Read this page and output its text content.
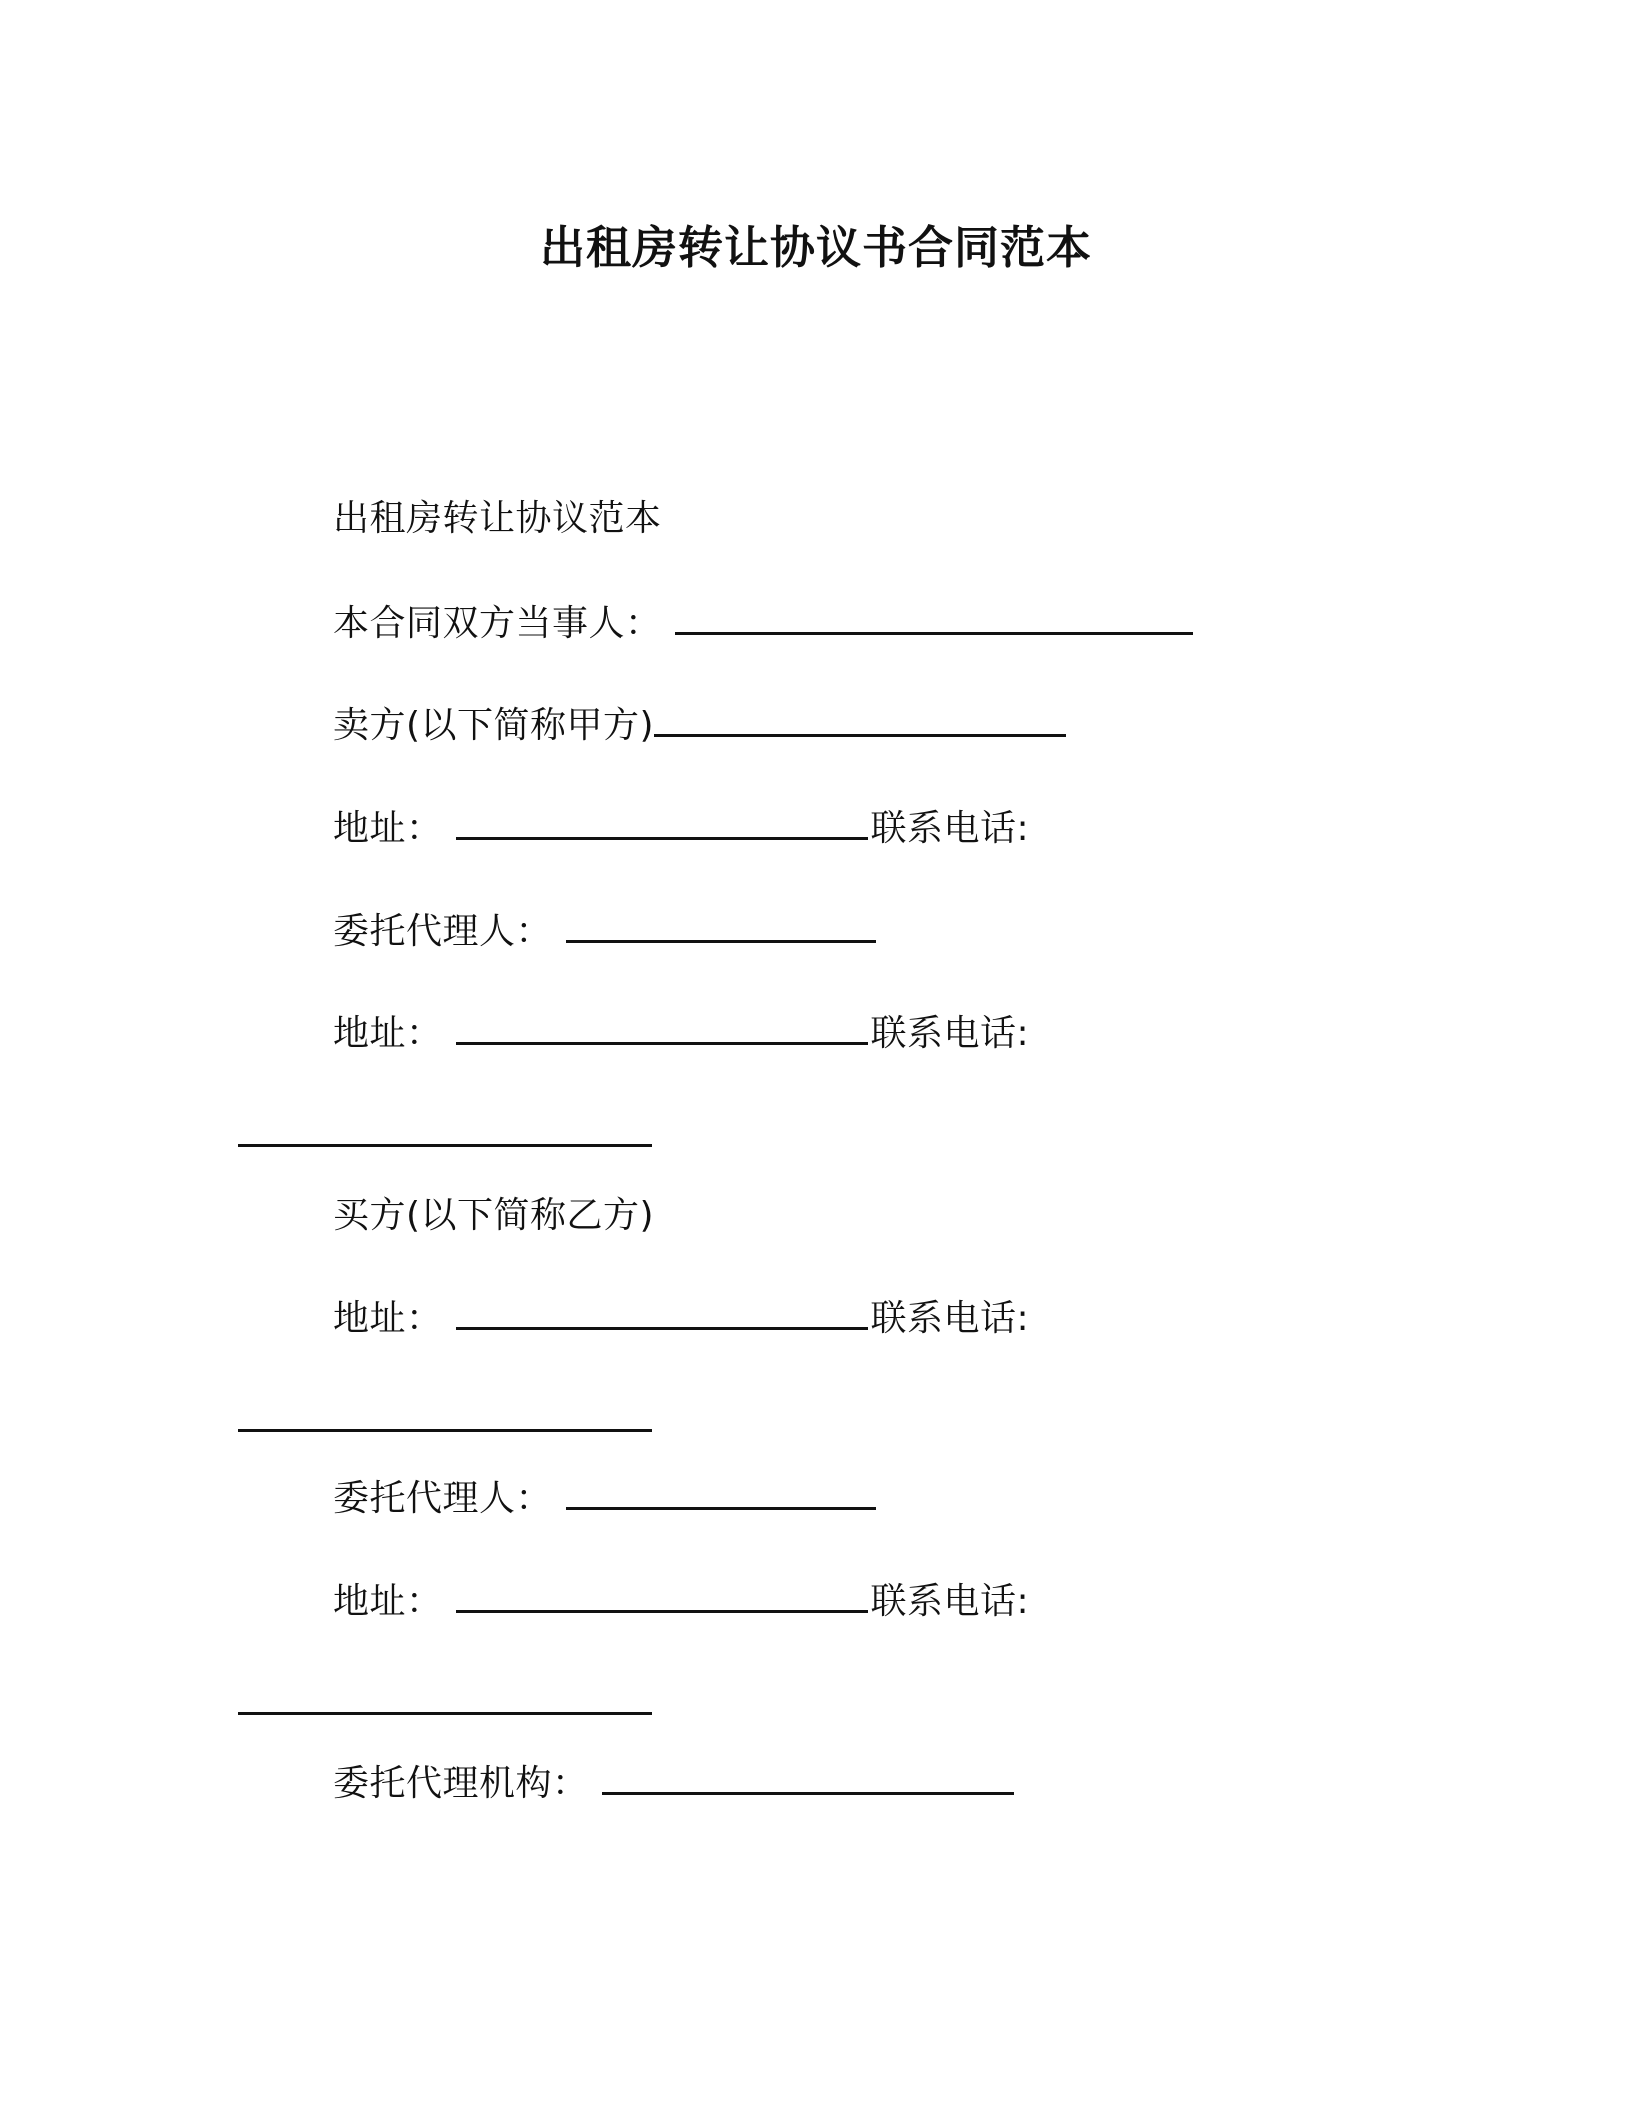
出租房转让协议书合同范本
出租房转让协议范本
本合同双方当事人：
卖方(以下简称甲方)
地址：	联系电话:
委托代理人：
地址：	联系电话:
买方(以下简称乙方)
地址：	联系电话:
委托代理人：
地址：	联系电话:
委托代理机构：
